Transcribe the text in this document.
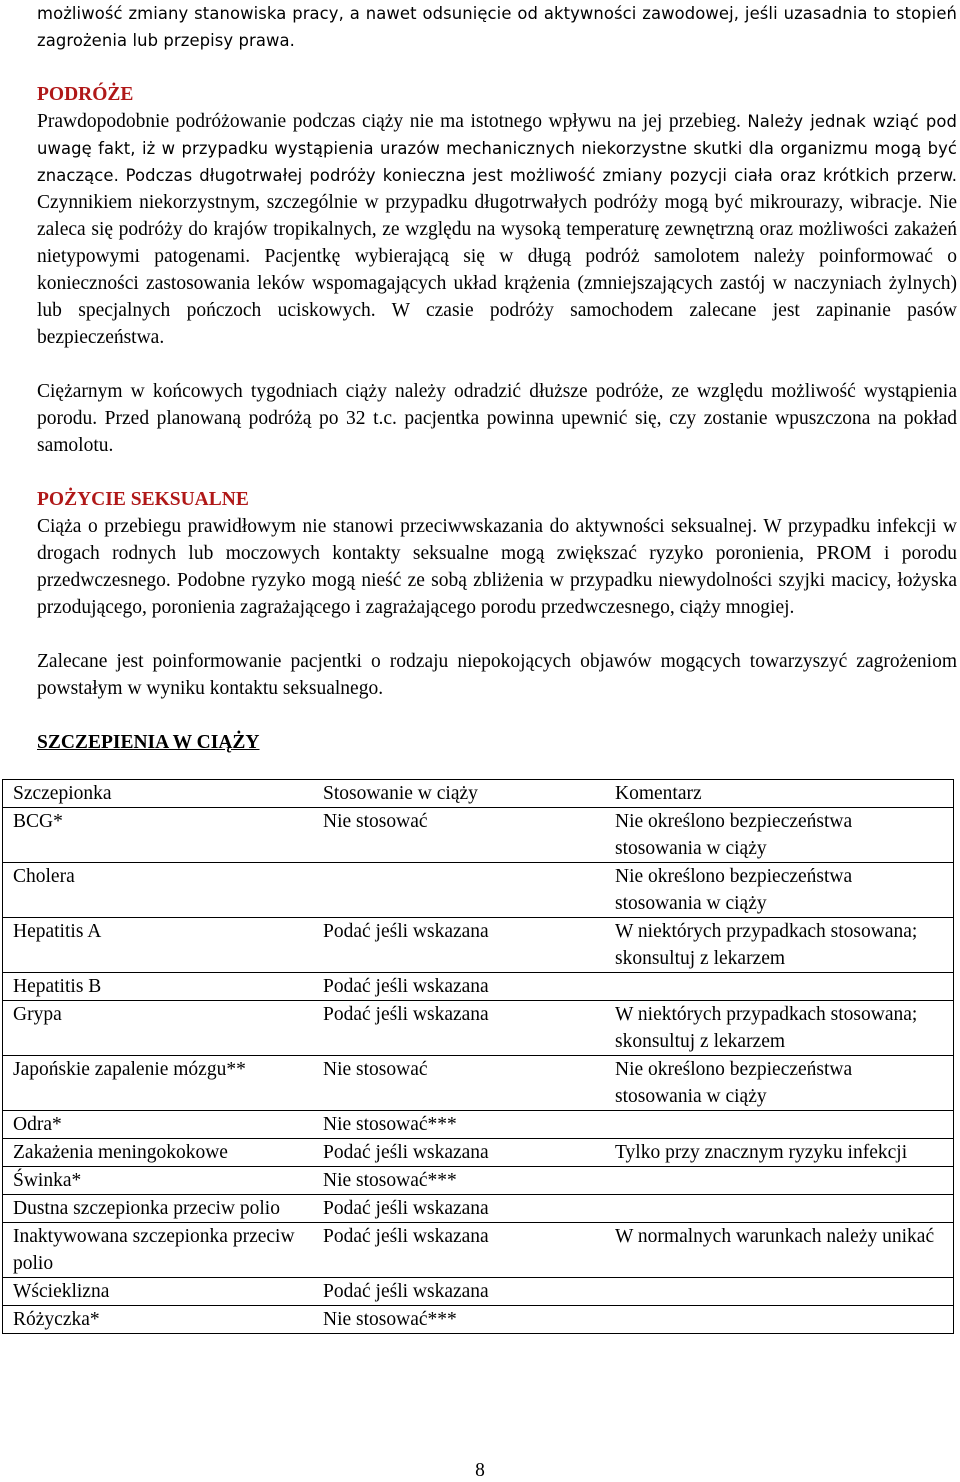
możliwość zmiany stanowiska pracy, a nawet odsunięcie od aktywności zawodowej, jeśli uzasadnia to stopień zagrożenia lub przepisy prawa.

PODRÓŻE

Prawdopodobnie podróżowanie podczas ciąży nie ma istotnego wpływu na jej przebieg. Należy jednak wziąć pod uwagę fakt, iż w przypadku wystąpienia urazów mechanicznych niekorzystne skutki dla organizmu mogą być znaczące. Podczas długotrwałej podróży konieczna jest możliwość zmiany pozycji ciała oraz krótkich przerw. Czynnikiem niekorzystnym, szczególnie w przypadku długotrwałych podróży mogą być mikrourazy, wibracje. Nie zaleca się podróży do krajów tropikalnych, ze względu na wysoką temperaturę zewnętrzną oraz możliwości zakażeń nietypowymi patogenami. Pacjentkę wybierającą się w długą podróż samolotem należy poinformować o konieczności zastosowania leków wspomagających układ krążenia (zmniejszających zastój w naczyniach żylnych) lub specjalnych pończoch uciskowych. W czasie podróży samochodem zalecane jest zapinanie pasów bezpieczeństwa.

Ciężarnym w końcowych tygodniach ciąży należy odradzić dłuższe podróże, ze względu możliwość wystąpienia porodu. Przed planowaną podróżą po 32 t.c. pacjentka powinna upewnić się, czy zostanie wpuszczona na pokład samolotu.

POŻYCIE SEKSUALNE

Ciąża o przebiegu prawidłowym nie stanowi przeciwwskazania do aktywności seksualnej. W przypadku infekcji w drogach rodnych lub moczowych kontakty seksualne mogą zwiększać ryzyko poronienia, PROM i porodu przedwczesnego. Podobne ryzyko mogą nieść ze sobą zbliżenia w przypadku niewydolności szyjki macicy, łożyska przodującego, poronienia zagrażającego i zagrażającego porodu przedwczesnego, ciąży mnogiej.

Zalecane jest poinformowanie pacjentki o rodzaju niepokojących objawów mogących towarzyszyć zagrożeniom powstałym w wyniku kontaktu seksualnego.

SZCZEPIENIA W CIĄŻY
Szczepionka	Stosowanie w ciąży	Komentarz
BCG*	Nie stosować	Nie określono bezpieczeństwa stosowania w ciąży
Cholera		Nie określono bezpieczeństwa stosowania w ciąży
Hepatitis A	Podać jeśli wskazana	W niektórych przypadkach stosowana; skonsultuj z lekarzem
Hepatitis B	Podać jeśli wskazana	
Grypa	Podać jeśli wskazana	W niektórych przypadkach stosowana; skonsultuj z lekarzem
Japońskie zapalenie mózgu**	Nie stosować	Nie określono bezpieczeństwa stosowania w ciąży
Odra*	Nie stosować***	
Zakażenia meningokokowe	Podać jeśli wskazana	Tylko przy znacznym ryzyku infekcji
Świnka*	Nie stosować***	
Dustna szczepionka przeciw polio	Podać jeśli wskazana	
Inaktywowana szczepionka przeciw polio	Podać jeśli wskazana	W normalnych warunkach należy unikać
Wścieklizna	Podać jeśli wskazana	
Różyczka*	Nie stosować***	
8
